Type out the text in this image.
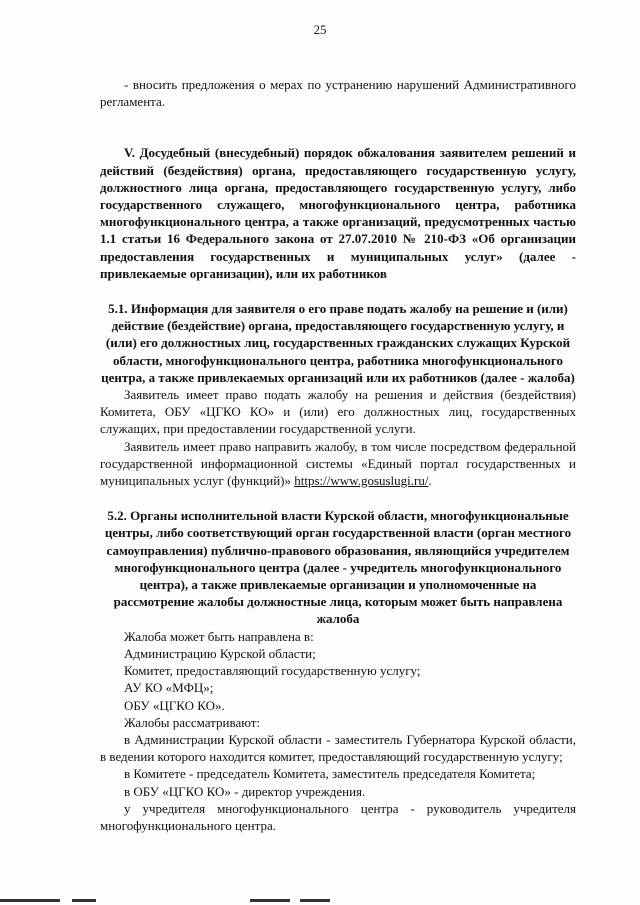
25

- вносить предложения о мерах по устранению нарушений Административного регламента.

V. Досудебный (внесудебный) порядок обжалования заявителем решений и действий (бездействия) органа, предоставляющего государственную услугу, должностного лица органа, предоставляющего государственную услугу, либо государственного служащего, многофункционального центра, работника многофункционального центра, а также организаций, предусмотренных частью 1.1 статьи 16 Федерального закона от 27.07.2010 № 210-ФЗ «Об организации предоставления государственных и муниципальных услуг» (далее - привлекаемые организации), или их работников

5.1. Информация для заявителя о его праве подать жалобу на решение и (или) действие (бездействие) органа, предоставляющего государственную услугу, и (или) его должностных лиц, государственных гражданских служащих Курской области, многофункционального центра, работника многофункционального центра, а также привлекаемых организаций или их работников (далее - жалоба)

Заявитель имеет право подать жалобу на решения и действия (бездействия) Комитета, ОБУ «ЦГКО КО» и (или) его должностных лиц, государственных служащих, при предоставлении государственной услуги.

Заявитель имеет право направить жалобу, в том числе посредством федеральной государственной информационной системы «Единый портал государственных и муниципальных услуг (функций)» https://www.gosuslugi.ru/.

5.2. Органы исполнительной власти Курской области, многофункциональные центры, либо соответствующий орган государственной власти (орган местного самоуправления) публично-правового образования, являющийся учредителем многофункционального центра (далее - учредитель многофункционального центра), а также привлекаемые организации и уполномоченные на рассмотрение жалобы должностные лица, которым может быть направлена жалоба

Жалоба может быть направлена в:

Администрацию Курской области;

Комитет, предоставляющий государственную услугу;

АУ КО «МФЦ»;

ОБУ «ЦГКО КО».

Жалобы рассматривают:

в Администрации Курской области - заместитель Губернатора Курской области, в ведении которого находится комитет, предоставляющий государственную услугу;

в Комитете - председатель Комитета, заместитель председателя Комитета;

в ОБУ «ЦГКО КО» - директор учреждения.

у учредителя многофункционального центра - руководитель учредителя многофункционального центра.
